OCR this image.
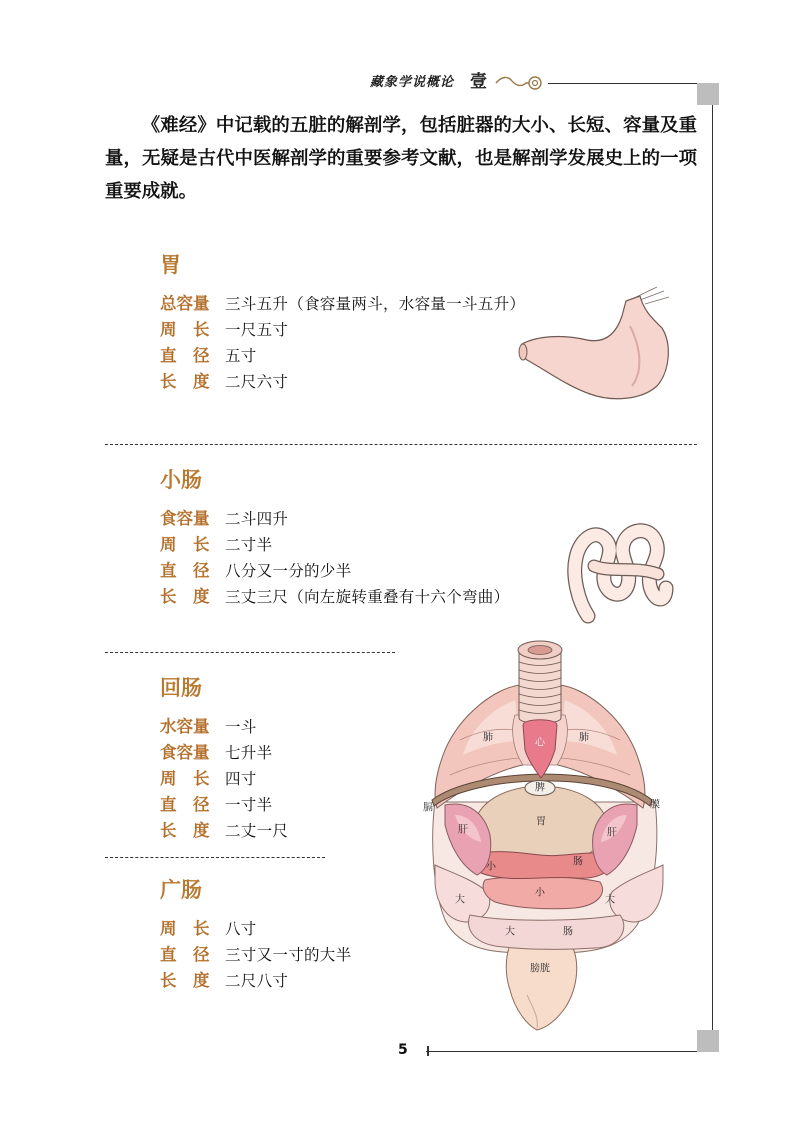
藏象学说概论 壹
《难经》中记载的五脏的解剖学，包括脏器的大小、长短、容量及重量，无疑是古代中医解剖学的重要参考文献，也是解剖学发展史上的一项重要成就。
胃
总容量 三斗五升（食容量两斗，水容量一斗五升）
周　长 一尺五寸
直　径 五寸
长　度 二尺六寸
小肠
食容量 二斗四升
周　长 二寸半
直　径 八分又一分的少半
长　度 三丈三尺（向左旋转重叠有十六个弯曲）
回肠
水容量 一斗
食容量 七升半
周　长 四寸
直　径 一寸半
长　度 二丈一尺
广肠
周　长 八寸
直　径 三寸又一寸的大半
长　度 二尺八寸
肺	心	肺
膈	膜
脾
胃
肝	肝
小	肠
小
大	大
大	肠
膀胱
5
